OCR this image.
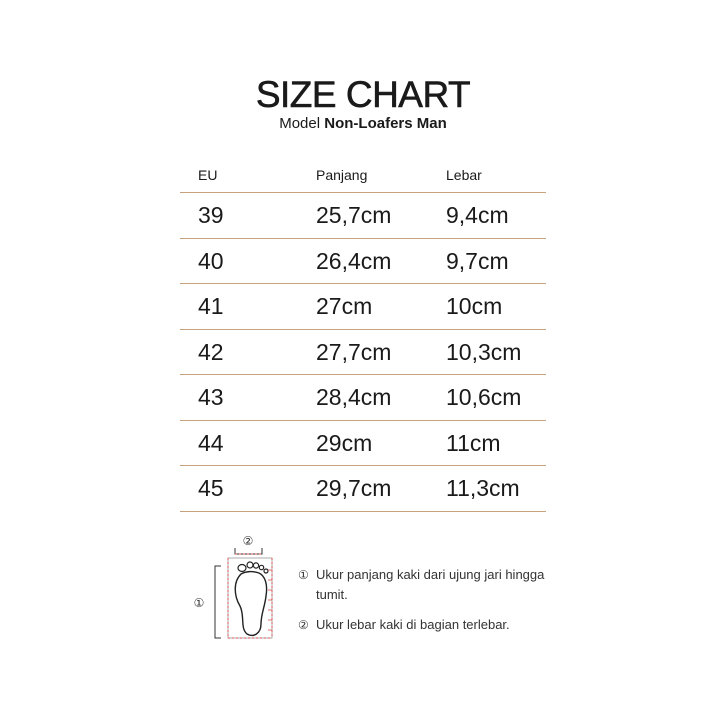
SIZE CHART
Model Non-Loafers Man
EU	Panjang	Lebar
39	25,7cm 9,4cm
40	26,4cm 9,7cm
41	27cm	10cm
42	27,7cm 10,3cm
43	28,4cm 10,6cm
44	29cm	11cm
45	29,7cm 11,3cm
②
①
① Ukur panjang kaki dari ujung jari hingga tumit.
② Ukur lebar kaki di bagian terlebar.
